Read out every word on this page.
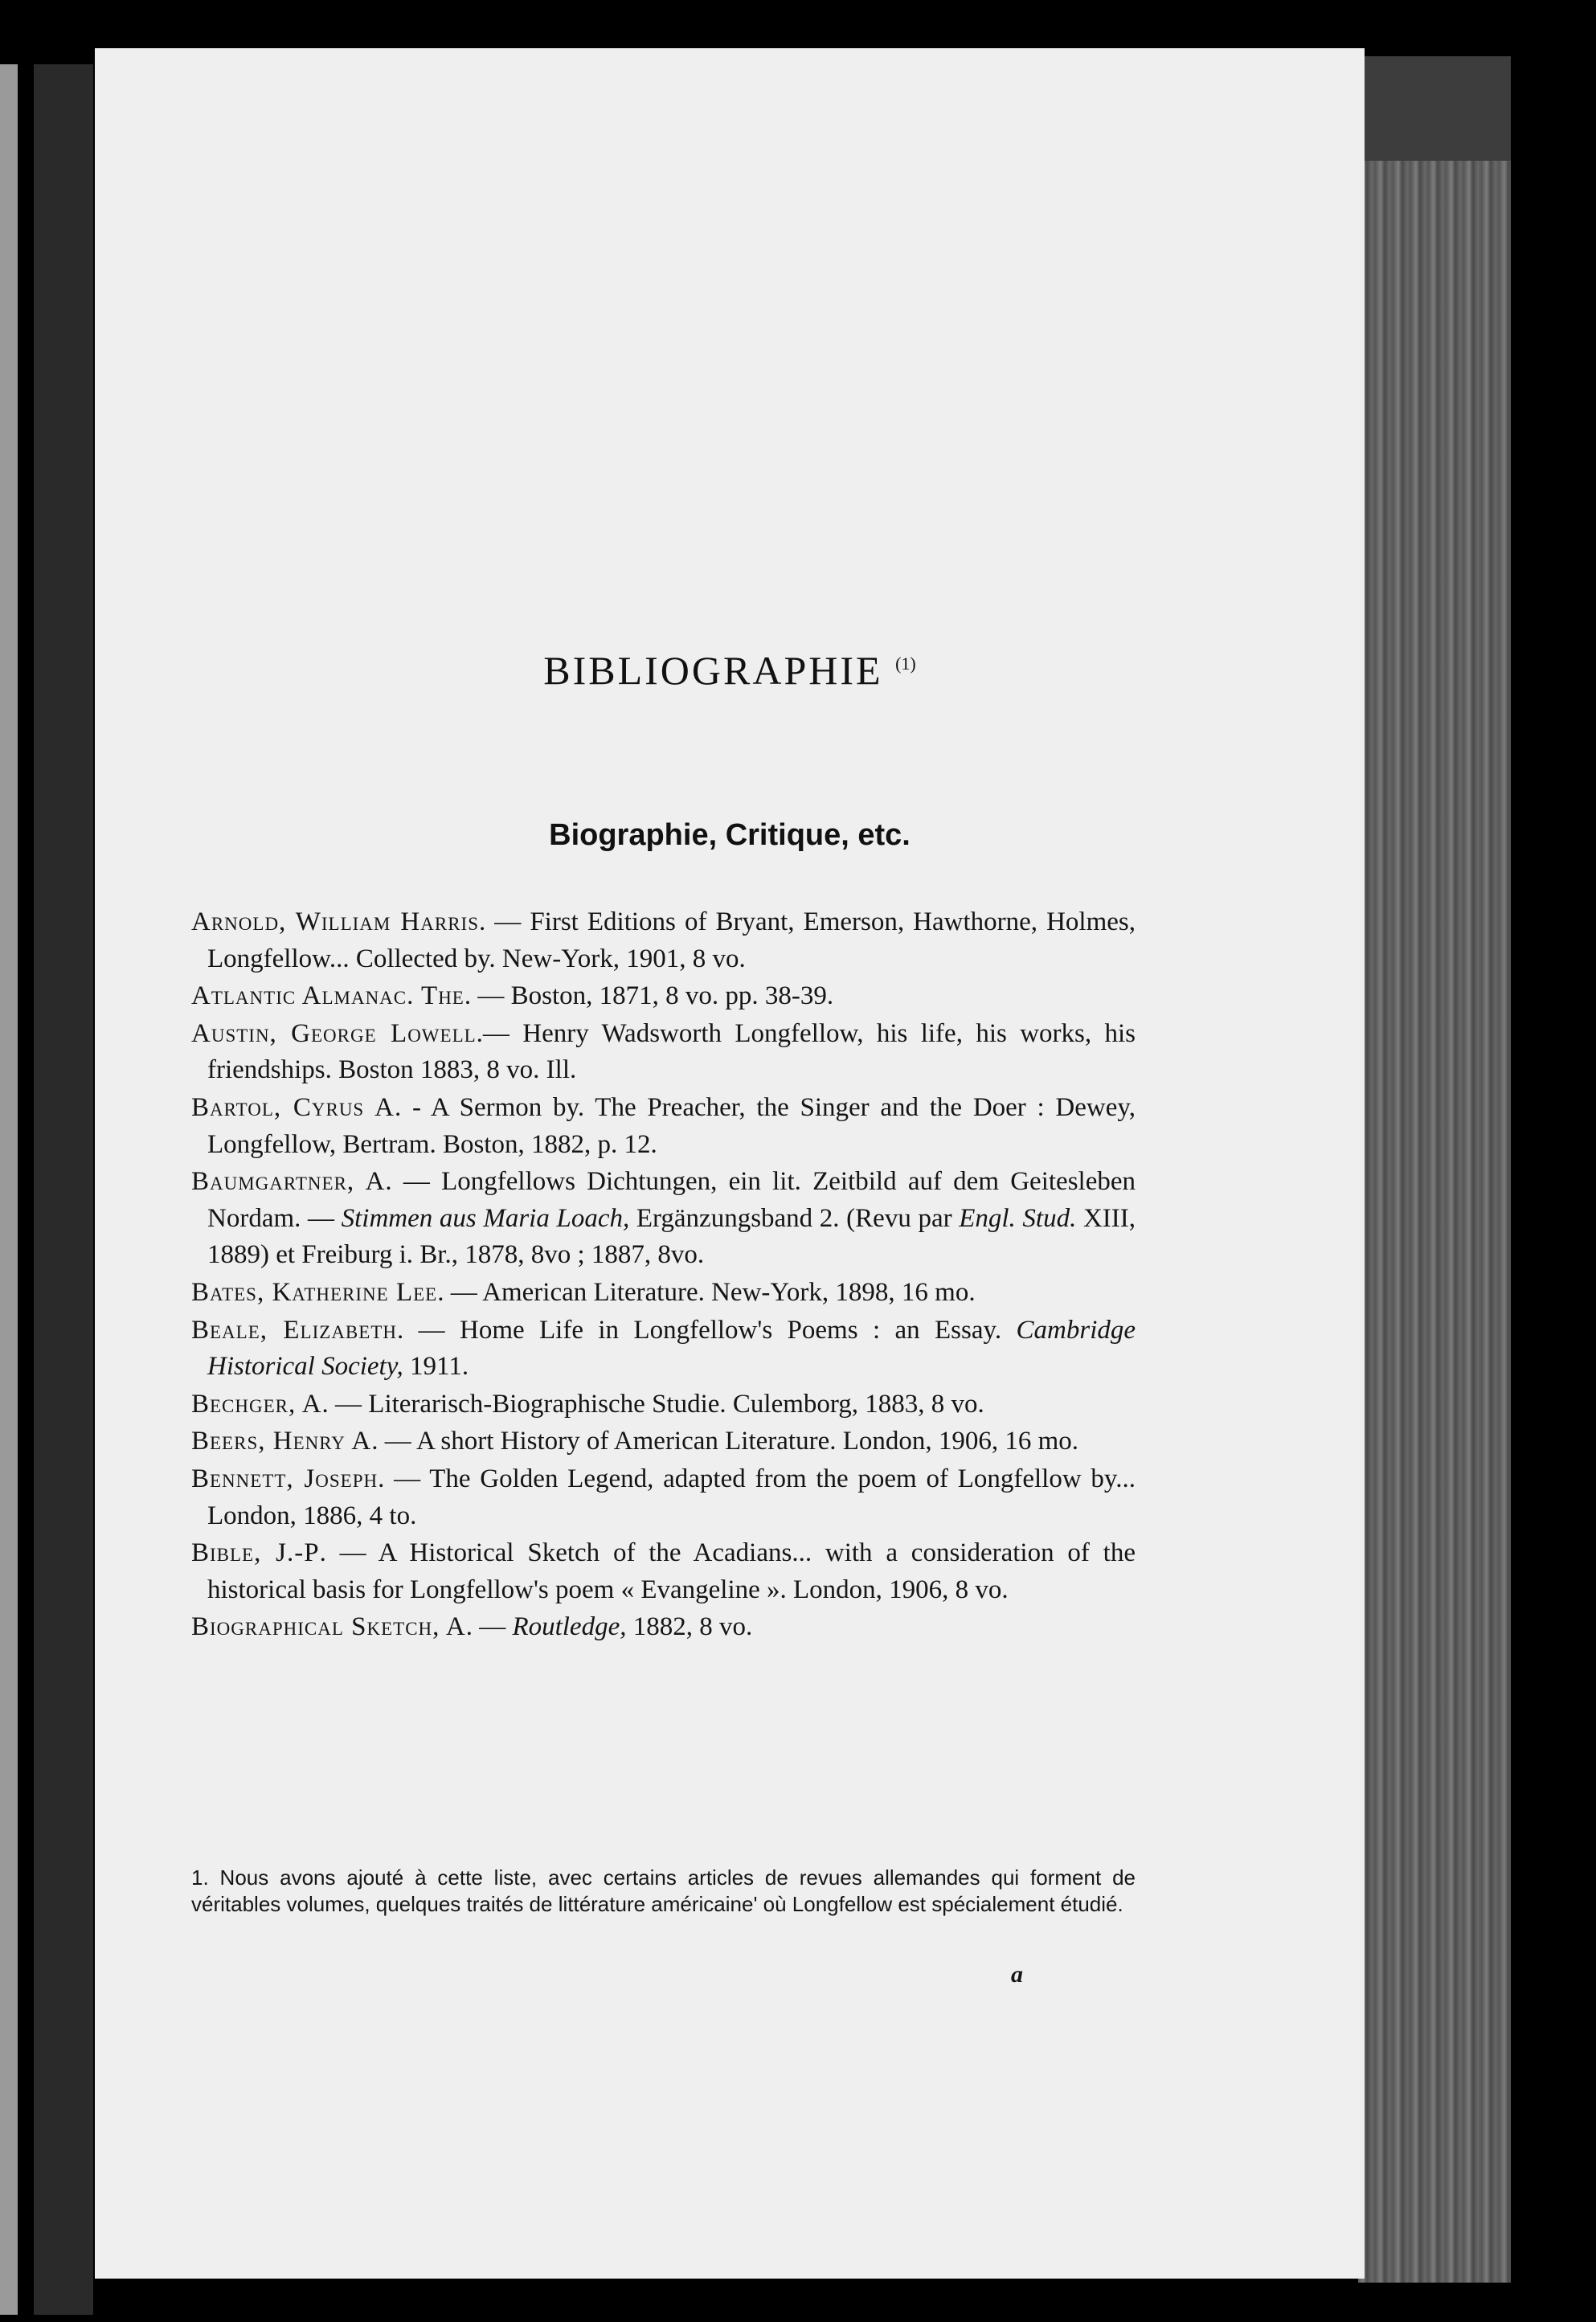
BIBLIOGRAPHIE $^{(1)}$
Biographie, Critique, etc.

Arnold, William Harris. — First Editions of Bryant, Emerson, Hawthorne, Holmes, Longfellow... Collected by. New-York, 1901, 8 vo.

Atlantic Almanac. The. — Boston, 1871, 8 vo. pp. 38-39.

Austin, George Lowell.— Henry Wadsworth Longfellow, his life, his works, his friendships. Boston 1883, 8 vo. Ill.

Bartol, Cyrus A. - A Sermon by. The Preacher, the Singer and the Doer : Dewey, Longfellow, Bertram. Boston, 1882, p. 12.

Baumgartner, A. — Longfellows Dichtungen, ein lit. Zeitbild auf dem Geitesleben Nordam. — Stimmen aus Maria Loach, Ergänzungsband 2. (Revu par Engl. Stud. XIII, 1889) et Freiburg i. Br., 1878, 8vo ; 1887, 8vo.

Bates, Katherine Lee. — American Literature. New-York, 1898, 16 mo.

Beale, Elizabeth. — Home Life in Longfellow's Poems : an Essay. Cambridge Historical Society, 1911.

Bechger, A. — Literarisch-Biographische Studie. Culemborg, 1883, 8 vo.

Beers, Henry A. — A short History of American Literature. London, 1906, 16 mo.

Bennett, Joseph. — The Golden Legend, adapted from the poem of Longfellow by... London, 1886, 4 to.

Bible, J.-P. — A Historical Sketch of the Acadians... with a consideration of the historical basis for Longfellow's poem « Evangeline ». London, 1906, 8 vo.

Biographical Sketch, A. — Routledge, 1882, 8 vo.

1. Nous avons ajouté à cette liste, avec certains articles de revues allemandes qui forment de véritables volumes, quelques traités de littérature américaine' où Longfellow est spécialement étudié.
a
